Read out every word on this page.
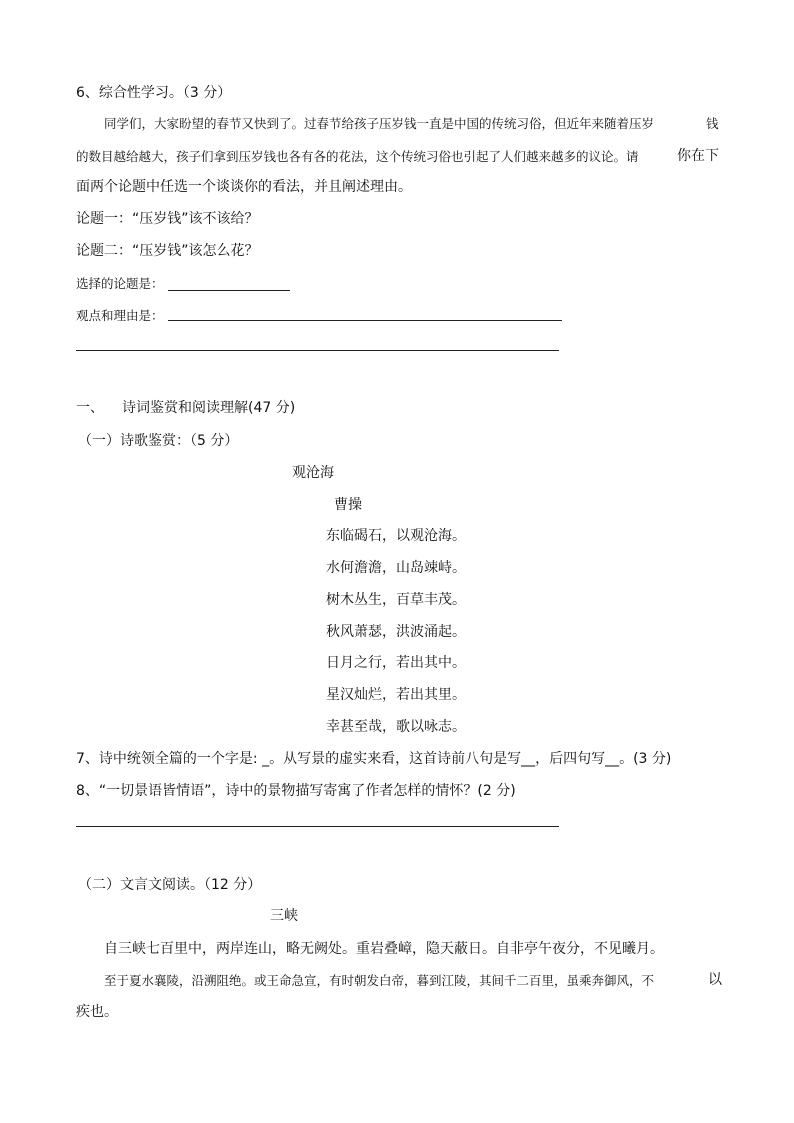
6、综合性学习。（3 分）
同学们，大家盼望的春节又快到了。过春节给孩子压岁钱一直是中国的传统习俗，但近年来随着压岁	钱
的数目越给越大，孩子们拿到压岁钱也各有各的花法，这个传统习俗也引起了人们越来越多的议论。请	你在下
面两个论题中任选一个谈谈你的看法，并且阐述理由。
论题一：“压岁钱”该不该给？
论题二：“压岁钱”该怎么花？
选择的论题是：
观点和理由是：
一、 诗词鉴赏和阅读理解(47 分)
（一）诗歌鉴赏：（5 分）
观沧海
曹操
东临碣石，以观沧海。
水何澹澹，山岛竦峙。
树木丛生，百草丰茂。
秋风萧瑟，洪波涌起。
日月之行，若出其中。
星汉灿烂，若出其里。
幸甚至哉，歌以咏志。
7、诗中统领全篇的一个字是: _。从写景的虚实来看，这首诗前八句是写__，后四句写__。(3 分)
8、“一切景语皆情语”，诗中的景物描写寄寓了作者怎样的情怀？(2 分)
（二）文言文阅读。（12 分）
三峡
自三峡七百里中，两岸连山，略无阙处。重岩叠嶂，隐天蔽日。自非亭午夜分，不见曦月。
至于夏水襄陵，沿溯阻绝。或王命急宣，有时朝发白帝，暮到江陵，其间千二百里，虽乘奔御风，不	以
疾也。
